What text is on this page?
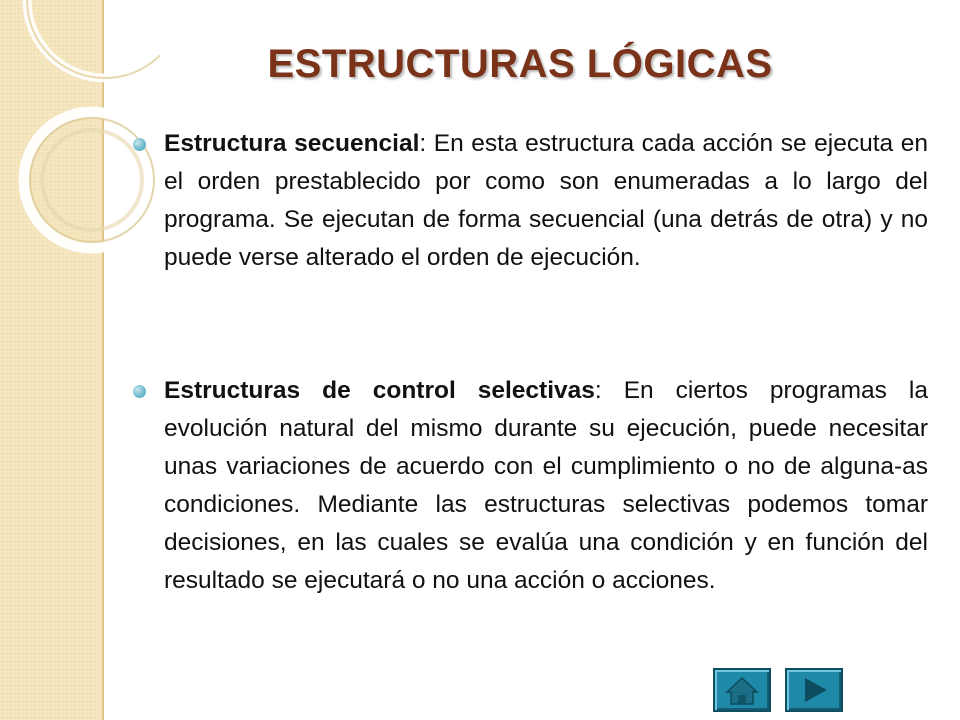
ESTRUCTURAS LÓGICAS
Estructura secuencial: En esta estructura cada acción se ejecuta en el orden prestablecido por como son enumeradas a lo largo del programa. Se ejecutan de forma secuencial (una detrás de otra) y no puede verse alterado el orden de ejecución.
Estructuras de control selectivas: En ciertos programas la evolución natural del mismo durante su ejecución, puede necesitar unas variaciones de acuerdo con el cumplimiento o no de alguna-as condiciones. Mediante las estructuras selectivas podemos tomar decisiones, en las cuales se evalúa una condición y en función del resultado se ejecutará o no una acción o acciones.
